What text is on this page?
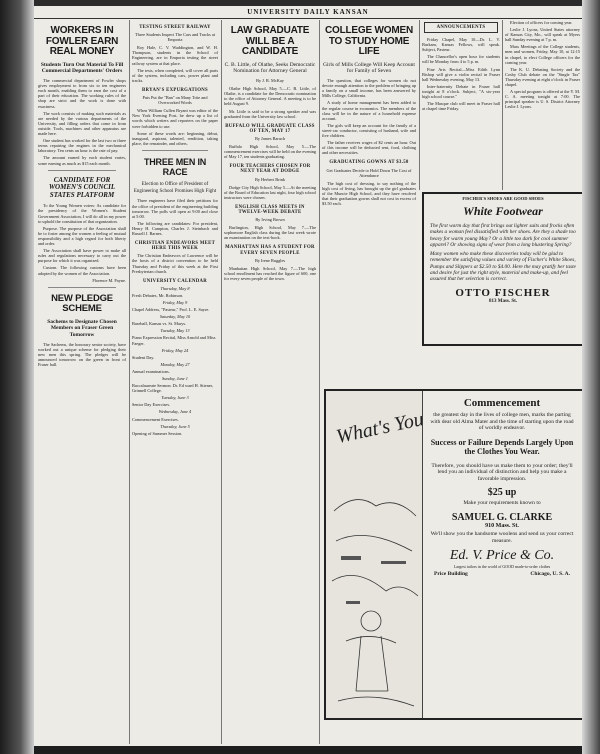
UNIVERSITY DAILY KANSAN
WORKERS IN FOWLER EARN REAL MONEY
Students Turn Out Material To Fill Commercial Departments' Orders

The commercial department of Fowler shops gives employment to from six to ten engineers each month, enabling them to earn the cost of a part of their education. The working rules of the shop are strict and the work is done with exactness.

The work consists of making such materials as are needed by the various departments of the University, and filling orders that come in from outside. Tools, machines and other apparatus are made here.

One student has worked for the last two or three terms repairing the engines in the mechanical laboratory. Ten cents an hour is the rate of pay.

The amount earned by each student varies, some earning as much as $15 each month.

CANDIDATE FOR WOMEN'S COUNCIL STATES PLATFORM

To the Young Women voters: As candidate for the presidency of the Women's Student Government Association, I will do all in my power to uphold the constitution of that organization.

Purpose. The purpose of the Association shall be to foster among the women a feeling of mutual responsibility and a high regard for both liberty and order.

The Association shall have power to make all rules and regulations necessary to carry out the purpose for which it was organized.

Custom. The following customs have been adopted by the women of the Association.

Florence M. Payne.

NEW PLEDGE SCHEME
Sachems to Designate Chosen Members on Fraser Green Tomorrow

The Sachems, the honorary senior society, have worked out a unique scheme for pledging their new men this spring. The pledges will be announced tomorrow on the green in front of Fraser hall.

TESTING STREET RAILWAY
Three Students Inspect The Cars and Tracks at Emporia

Roy Hale, C. V. Waddington, and W. H. Thompson, students in the School of Engineering, are in Emporia testing the street railway system at that place.

The tests, when completed, will cover all parts of the system, including cars, power plant and tracks.

BRYAN'S EXPURGATIONS
Puts Put the "Ban" on Many Trite and Overworked Words

When William Cullen Bryant was editor of the New York Evening Post, he drew up a list of words which writers and reporters on the paper were forbidden to use.

Some of these words are: beginning, debut, inaugural, aspirant, talented, rendition, taking place, the remainder, and others.

THREE MEN IN RACE
Election to Office of President of Engineering School Promises High Fight

Three engineers have filed their petitions for the office of president of the engineering building tomorrow. The polls will open at 9:00 and close at 5:00.

The following are candidates: For president, Henry H. Campton, Charles J. Steinbach and Russell J. Barnes.

CHRISTIAN ENDEAVORS MEET HERE THIS WEEK

The Christian Endeavors of Lawrence will be the hosts of a district convention to be held Thursday and Friday of this week at the First Presbyterian church.

UNIVERSITY CALENDAR
Thursday, May 8
Fresh Debates, Mr. Robinson.
Friday, May 9
Chapel Address, "Pasteur," Prof. L. E. Sayre.
Saturday, May 10
Baseball, Kansas vs. St. Marys.
Tuesday, May 13
Piano Expression Recital, Miss Arnold and Miss Faeger.
Friday, May 24
Student Day.
Monday, May 27
Annual examinations.
Sunday, June 1
Baccalaureate Sermon. Dr. Ed ward H. Stiener, Grinnell College.
Tuesday, June 3
Senior Day Exercises.
Wednesday, June 4
Commencement Exercises.
Thursday, June 5
Opening of Summer Session.
LAW GRADUATE WILL BE A CANDIDATE
C. B. Little, of Olathe, Seeks Democratic Nomination for Attorney General
By J. R. McKay

Olathe High School, May 5.—C. B. Little, of Olathe, is a candidate for the Democratic nomination to the office of Attorney General. A meeting is to be held August 9.

Mr. Little is said to be a strong speaker and was graduated from the University law school.

BUFFALO WILL GRADUATE CLASS OF TEN, MAY 17
By James Baruch

Buffalo High School, May 5.—The commencement exercises will be held on the evening of May 17, ten students graduating.

FOUR TEACHERS CHOSEN FOR NEXT YEAR AT DODGE
By Herbert Brink

Dodge City High School, May 5.—At the meeting of the Board of Education last night, four high school instructors were chosen.

ENGLISH CLASS MEETS IN TWELVE-WEEK DEBATE
By Irving Brown

Burlington, High School, May 7.—The sophomore English class during the last week wrote an examination on the text-book.

MANHATTAN HAS A STUDENT FOR EVERY SEVEN PEOPLE
By Irene Ruggles

Manhattan High School, May 7.—The high school enrollment has reached the figure of 600, one for every seven people of the town.

COLLEGE WOMEN TO STUDY HOME LIFE
Girls of Mills College Will Keep Account for Family of Seven

The question, that colleges for women do not devote enough attention to the problem of bringing up a family on a small income, has been answered by Mills College, California.

A study of home management has been added to the regular course in economics. The members of the class will be in the nature of a household expense account.

The girls will keep an account for the family of a street-car conductor, consisting of husband, wife and five children.

The father receives wages of $2 cents an hour. Out of this income will be deducted rent, food, clothing and other necessities.

GRADUATING GOWNS AT $3.50
Get Graduates Decide to Hold Down The Cost of Attendance

The high cost of dressing, to say nothing of the high cost of living, has brought up the girl graduates of the Muncie High School, and they have resolved that their graduation gowns shall not cost in excess of $3.50 each.

ANNOUNCEMENTS

Friday Chapel, May 10—Dr. L. V. Burkam, Kansas Fellows, will speak. Subject, Pasteur.

The Chancellor's open hour for students will be Monday from 4 to 5 p. m.

Fine Arts Recital—Miss Edith Lynn Bishop will give a violin recital in Fraser hall Wednesday evening, May 13.

Inter-fraternity Debate in Fraser hall tonight at 8 o'clock. Subject, "A six-year high school course."

The Masque club will meet in Fraser hall at chapel time Friday.

Election of officers for coming year.

Leslie J. Lyons, United States attorney of Kansas City, Mo., will speak at Myers hall Sunday evening at 7 p. m.

Mass Meetings of the College students, men and women, Friday, May 10, at 12:15 in chapel, to elect College officers for the coming year.

The K. U. Debating Society and the Cosby Club debate on the "Single Tax" Thursday evening at eight o'clock in Fraser chapel.

A special program is offered at the Y. M. C. A. meeting tonight at 7:00. The principal speaker is U. S. District Attorney Leslie J. Lyons.

FISCHER'S SHOES ARE GOOD SHOES
White Footwear

The first warm day that first brings out lighter suits and frocks often makes a woman feel dissatisfied with her shoes. Are they a shade too heavy for warm young May? Or a little too dark for cool summer apparel? Or showing signs of wear from a long blustering Spring?

Many women who make these discoveries today will be glad to remember the satisfying values and variety of Fischer's White Shoes, Pumps and Slippers at $2.50 to $4.00. Here the may gratify her taste and desire for just the right style, material and make-up, and feel assured that her selection is correct.

OTTO FISCHER
813 Mass. St.
What's Your
Commencement

the greatest day in the lives of college men, marks the parting with dear old Alma Mater and the time of starting upon the road of worldly endeavor.

Success or Failure Depends Largely Upon the Clothes You Wear.

Therefore, you should have us make them to your order; they'll lend you an individual of distinction and help you make a favorable impression.

$25 up

Make your requirements known to

SAMUEL G. CLARKE
910 Mass. St.

We'll show you the handsome woolens and send us your correct measure.

Ed. V. Price & Co.
Largest tailors in the world of GOOD made-to-order clothes
Price Building	Chicago, U. S. A.
